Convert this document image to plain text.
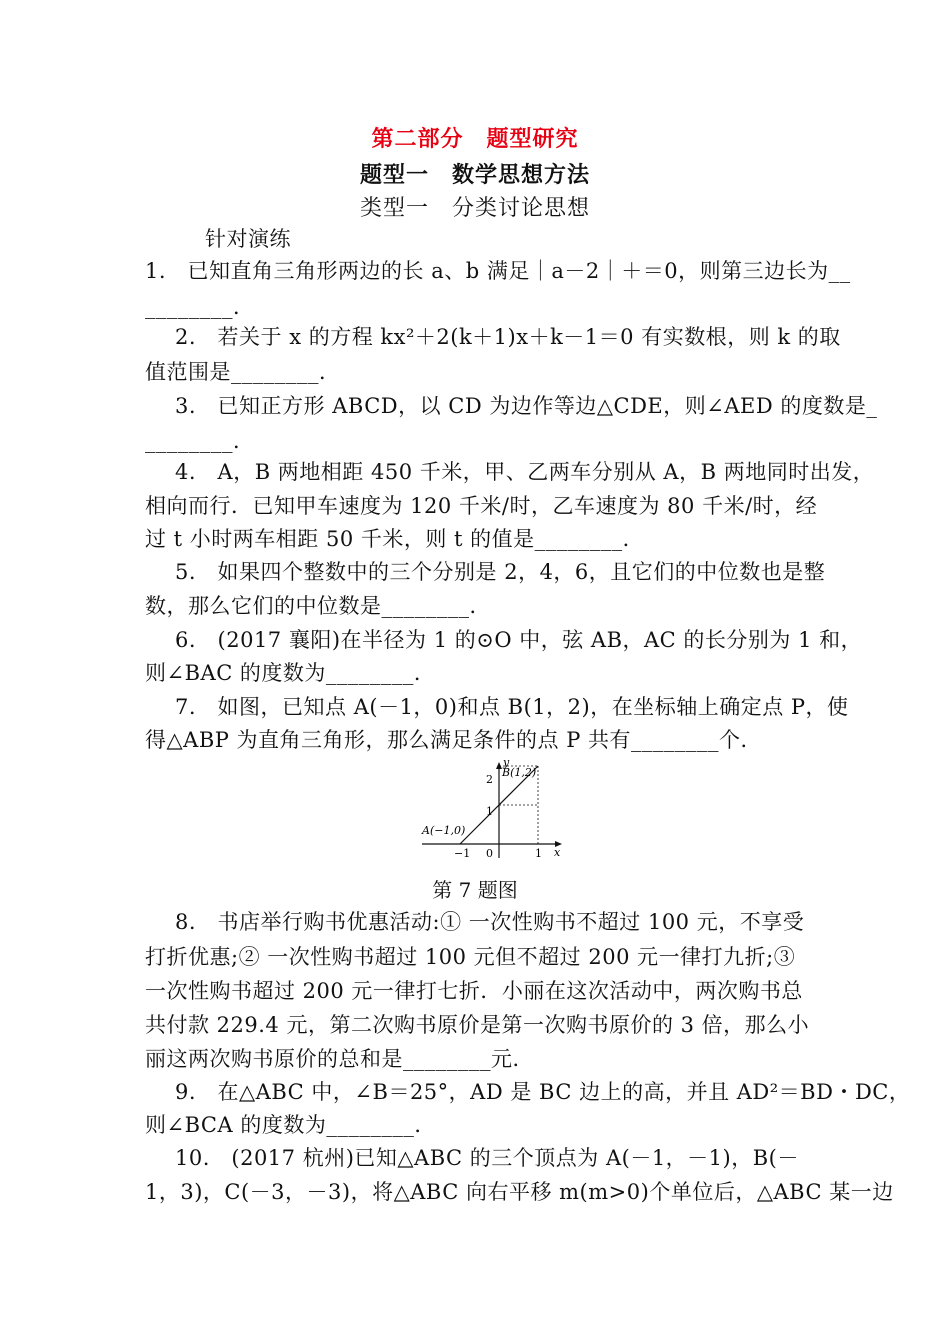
第二部分　题型研究
题型一　数学思想方法
类型一　分类讨论思想
针对演练
1.　已知直角三角形两边的长 a、b 满足｜a－2｜＋＝0，则第三边长为__
________．
2.　若关于 x 的方程 kx²＋2(k＋1)x＋k－1＝0 有实数根，则 k 的取
值范围是________．
3.　已知正方形 ABCD，以 CD 为边作等边△CDE，则∠AED 的度数是_
________．
4.　A，B 两地相距 450 千米，甲、乙两车分别从 A，B 两地同时出发，
相向而行．已知甲车速度为 120 千米/时，乙车速度为 80 千米/时，经
过 t 小时两车相距 50 千米，则 t 的值是________．
5.　如果四个整数中的三个分别是 2，4，6，且它们的中位数也是整
数，那么它们的中位数是________．
6.　(2017 襄阳)在半径为 1 的⊙O 中，弦 AB，AC 的长分别为 1 和，
则∠BAC 的度数为________．
7.　如图，已知点 A(－1，0)和点 B(1，2)，在坐标轴上确定点 P，使
得△ABP 为直角三角形，那么满足条件的点 P 共有________个．
y
x
B(1,2)
A(−1,0)
2
1
−1 0	1
第 7 题图
8.　书店举行购书优惠活动:① 一次性购书不超过 100 元，不享受
打折优惠;② 一次性购书超过 100 元但不超过 200 元一律打九折;③
一次性购书超过 200 元一律打七折．小丽在这次活动中，两次购书总
共付款 229.4 元，第二次购书原价是第一次购书原价的 3 倍，那么小
丽这两次购书原价的总和是________元．
9.　在△ABC 中，∠B＝25°，AD 是 BC 边上的高，并且 AD²＝BD・DC，
则∠BCA 的度数为________．
10.　(2017 杭州)已知△ABC 的三个顶点为 A(－1，－1)，B(－
1，3)，C(－3，－3)，将△ABC 向右平移 m(m>0)个单位后，△ABC 某一边
